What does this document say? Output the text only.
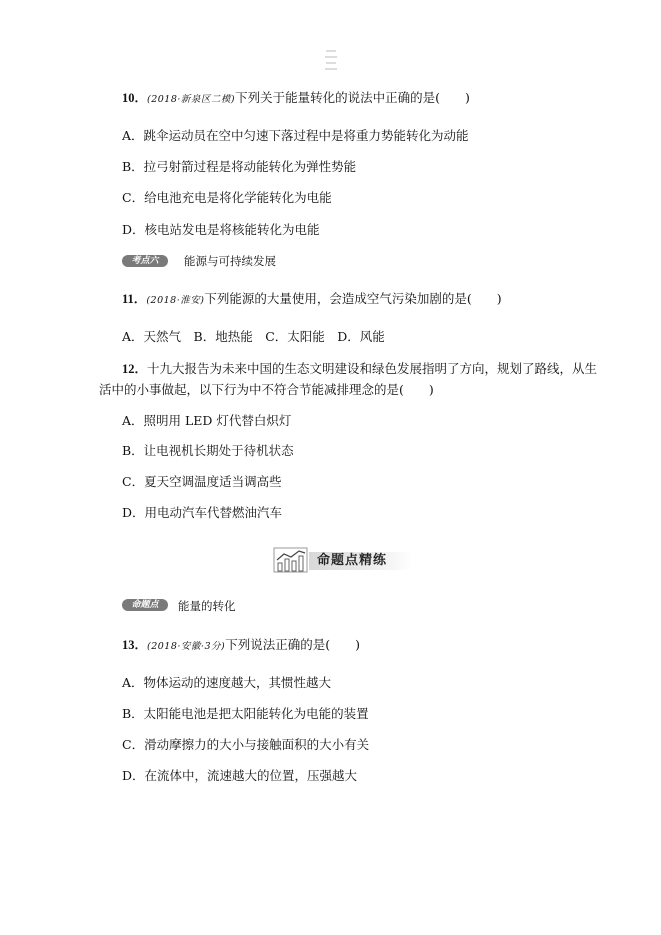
10．(2018·新泉区二模)下列关于能量转化的说法中正确的是(　　)
A．跳伞运动员在空中匀速下落过程中是将重力势能转化为动能
B．拉弓射箭过程是将动能转化为弹性势能
C．给电池充电是将化学能转化为电能
D．核电站发电是将核能转化为电能
考点六	能源与可持续发展
11．(2018·淮安)下列能源的大量使用，会造成空气污染加剧的是(　　)
A．天然气　B．地热能　C．太阳能　D．风能
12．十九大报告为未来中国的生态文明建设和绿色发展指明了方向，规划了路线，从生
活中的小事做起，以下行为中不符合节能减排理念的是(　　)
A．照明用 LED 灯代替白炽灯
B．让电视机长期处于待机状态
C．夏天空调温度适当调高些
D．用电动汽车代替燃油汽车
命题点精练
命题点	能量的转化
13．(2018·安徽·3分)下列说法正确的是(　　)
A．物体运动的速度越大，其惯性越大
B．太阳能电池是把太阳能转化为电能的装置
C．滑动摩擦力的大小与接触面积的大小有关
D．在流体中，流速越大的位置，压强越大
